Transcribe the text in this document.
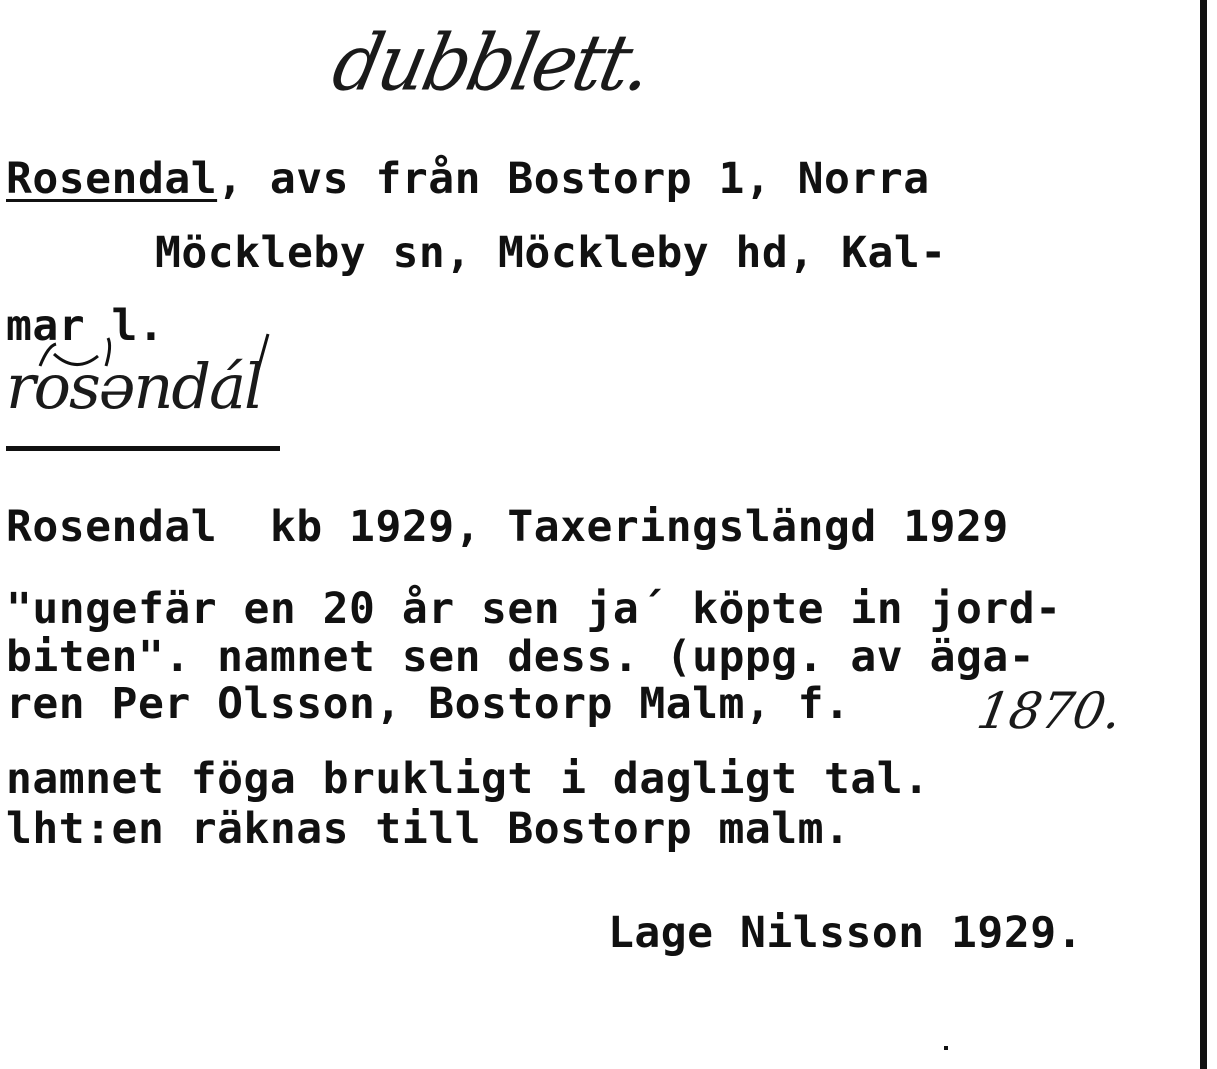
dubblett.
Rosendal, avs från Bostorp 1, Norra
Möckleby sn, Möckleby hd, Kal-
mar l.
rosəndál
Rosendal kb 1929, Taxeringslängd 1929
"ungefär en 20 år sen ja´ köpte in jord-
biten". namnet sen dess. (uppg. av äga-
ren Per Olsson, Bostorp Malm, f. 1870.
namnet föga brukligt i dagligt tal.
lht:en räknas till Bostorp malm.
Lage Nilsson 1929.
